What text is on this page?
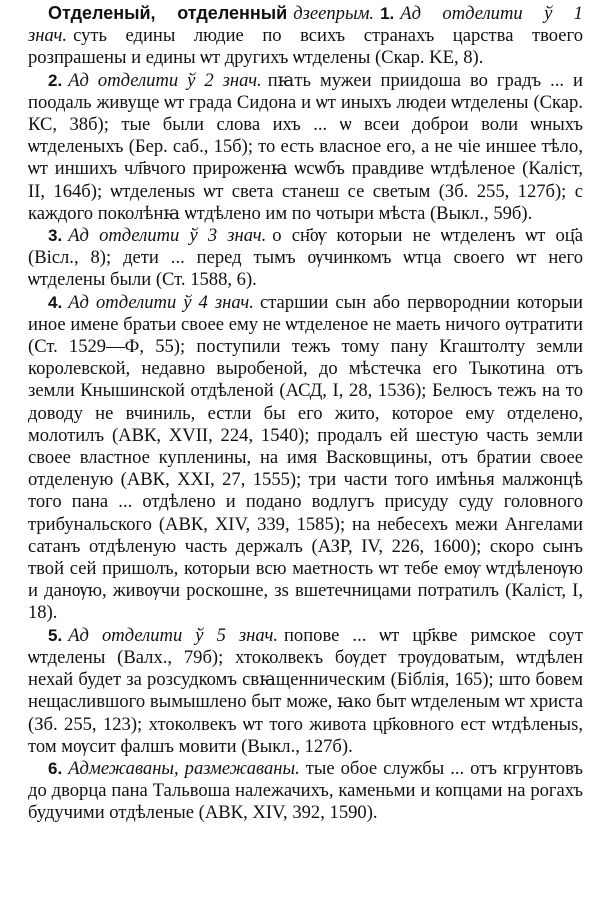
Отделеный, отделенный дзеепрым. 1. Ад отделити ў 1 знач. суть едины людие по всихъ странахъ царства твоего розпрашены и едины ѡт другихъ ѡтделены (Скар. KE, 8).

2. Ад отделити ў 2 знач. пꙗть мужеи приидоша во градъ ... и поодаль живуще ѡт града Сидона и ѡт иныхъ людеи ѡтделены (Скар. КС, 38б); тые были слова ихъ ... ѡ всеи доброи воли ѡныхъ ѡтделеныхъ (Бер. саб., 15б); то есть власное его, а не чіе иншее тѣло, ѡт иншихъ чл҃вчого прироженꙗ ѡсѡбъ правдиве ѡтдѣленое (Каліст, II, 164б); ѡтделеныѕ ѡт света станеш се светым (Зб. 255, 127б); с каждого поколѣнꙗ ѡтдѣлено им по чотыри мѣста (Выкл., 59б).

3. Ад отделити ў 3 знач. о сн҃ѹ которыи не ѡтделенъ ѡт оц҃а (Віcл., 8); дети ... перед тымъ ѹчинкомъ ѡтца своего ѡт него ѡтделены были (Ст. 1588, 6).

4. Ад отделити ў 4 знач. старшии сын або первороднии которыи иное имене братьи своее ему не ѡтделеное не маеть ничого ѹтратити (Ст. 1529—Ф, 55); поступили тежъ тому пану Кгаштолту земли королевской, недавно выробеной, до мѣстечка его Тыкотина отъ земли Кнышинской отдѣленой (АСД, I, 28, 1536); Белюсъ тежъ на то доводу не вчиниль, естли бы его жито, которое ему отделено, молотилъ (АВК, XVII, 224, 1540); продалъ ей шестую часть земли своее властное купленины, на имя Васковщины, отъ братии своее отделеную (АВК, XXI, 27, 1555); три части того имѣнья малжонцѣ того пана ... отдѣлено и подано водлугъ присуду суду головного трибунальского (АВК, XIV, 339, 1585); на небесехъ межи Ангелами сатанъ отдѣленую часть держалъ (АЗР, IV, 226, 1600); скоро сынъ твой сей пришолъ, которыи всю маетность ѡт тебе емѹ ѡтдѣленѹю и данѹю, живѹчи роскошне, зѕ вшетечницами потратилъ (Каліст, I, 18).

5. Ад отделити ў 5 знач. попове ... ѡт цр҃кве римское соут ѡтделены (Валх., 79б); хтоколвекъ бѹдет трѹдоватым, ѡтдѣлен нехай будет за розсудкомъ свꙗщенническим (Біблія, 165); што бовем нещаслившого вымышлено быт може, ꙗко быт ѡтделеным ѡт христа (Зб. 255, 123); хтоколвекъ ѡт того живота цр҃ковного ест ѡтдѣленыѕ, том мѹсит фалшъ мовити (Выкл., 127б).

6. Адмежаваны, размежаваны. тые обое службы ... отъ кгрунтовъ до дворца пана Тальвоша належачихъ, каменьми и копцами на рогахъ будучими отдѣленые (АВК, XIV, 392, 1590).
